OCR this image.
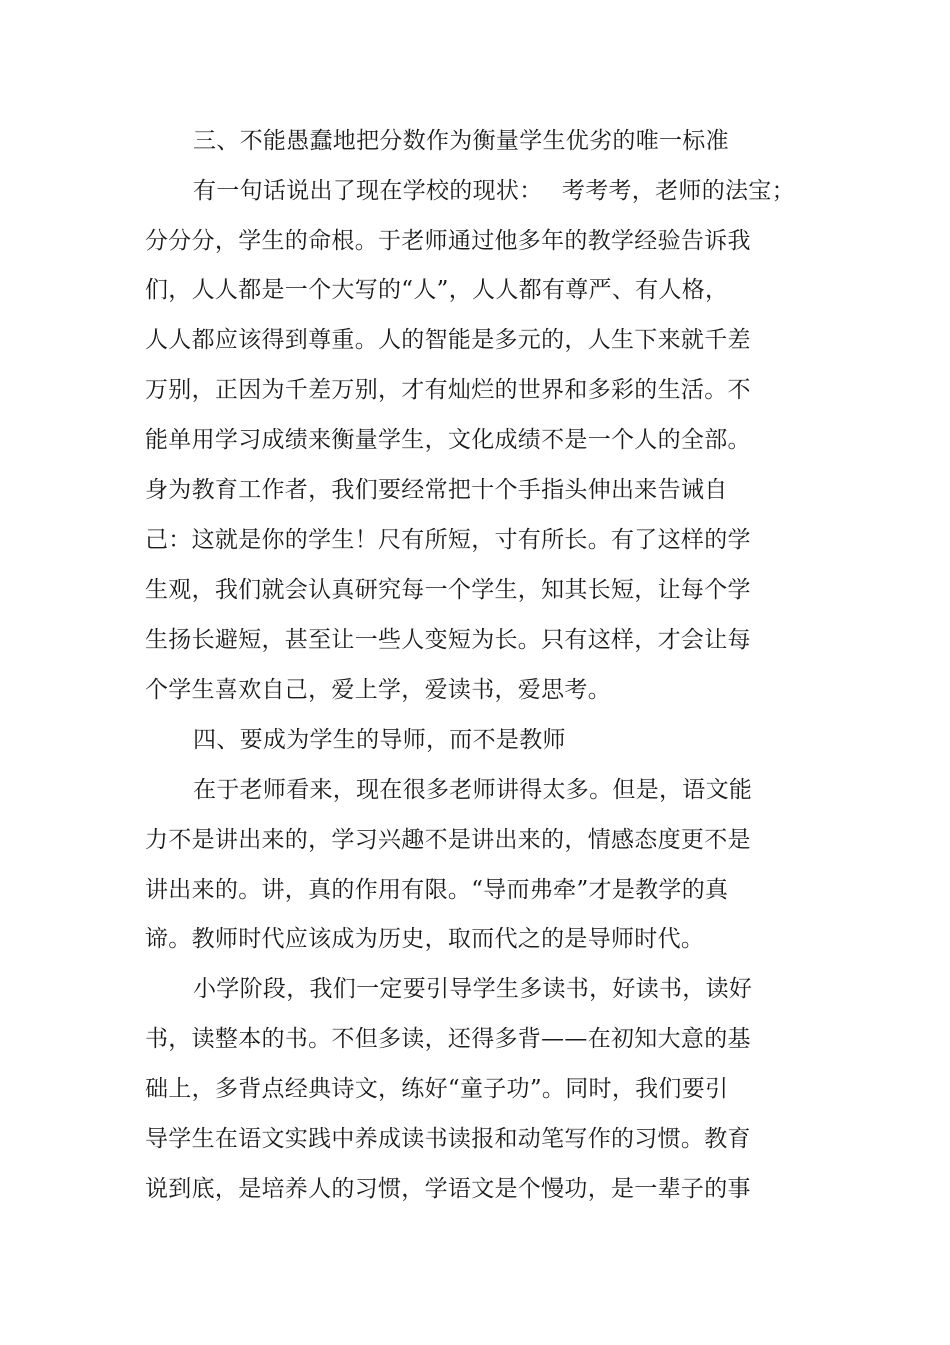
三、不能愚蠢地把分数作为衡量学生优劣的唯一标准
有一句话说出了现在学校的现状：　 考考考，老师的法宝；
分分分，学生的命根。于老师通过他多年的教学经验告诉我
们，人人都是一个大写的“人”，人人都有尊严、有人格，
人人都应该得到尊重。人的智能是多元的，人生下来就千差
万别，正因为千差万别，才有灿烂的世界和多彩的生活。不
能单用学习成绩来衡量学生，文化成绩不是一个人的全部。
身为教育工作者，我们要经常把十个手指头伸出来告诫自
己：这就是你的学生！尺有所短，寸有所长。有了这样的学
生观，我们就会认真研究每一个学生，知其长短，让每个学
生扬长避短，甚至让一些人变短为长。只有这样，才会让每
个学生喜欢自己，爱上学，爱读书，爱思考。
四、要成为学生的导师，而不是教师
在于老师看来，现在很多老师讲得太多。但是，语文能
力不是讲出来的，学习兴趣不是讲出来的，情感态度更不是
讲出来的。讲，真的作用有限。“导而弗牵”才是教学的真
谛。教师时代应该成为历史，取而代之的是导师时代。
小学阶段，我们一定要引导学生多读书，好读书，读好
书，读整本的书。不但多读，还得多背——在初知大意的基
础上，多背点经典诗文，练好“童子功”。同时，我们要引
导学生在语文实践中养成读书读报和动笔写作的习惯。教育
说到底，是培养人的习惯，学语文是个慢功，是一辈子的事
